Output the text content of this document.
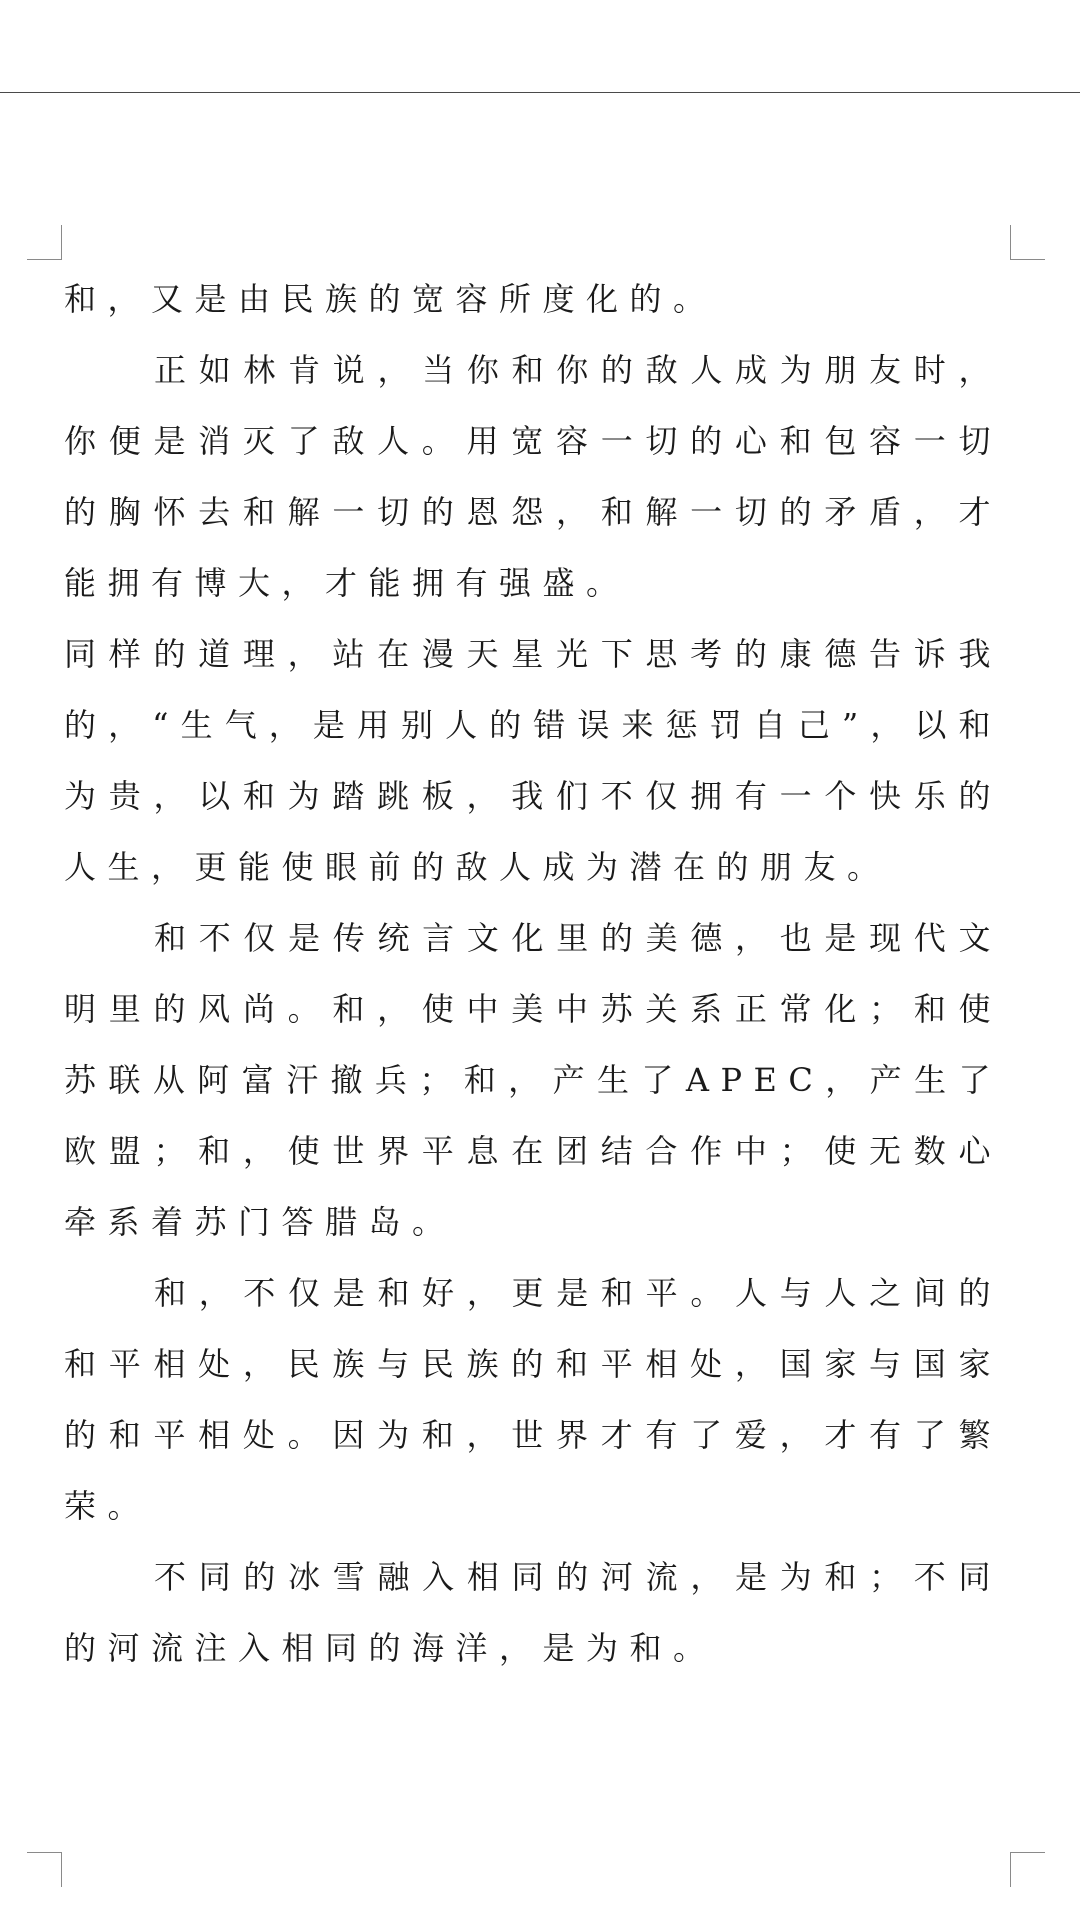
和，又是由民族的宽容所度化的。

正如林肯说，当你和你的敌人成为朋友时，你便是消灭了敌人。用宽容一切的心和包容一切的胸怀去和解一切的恩怨，和解一切的矛盾，才能拥有博大，才能拥有强盛。

同样的道理，站在漫天星光下思考的康德告诉我的，“生气，是用别人的错误来惩罚自己”，以和为贵，以和为踏跳板，我们不仅拥有一个快乐的人生，更能使眼前的敌人成为潜在的朋友。

和不仅是传统言文化里的美德，也是现代文明里的风尚。和，使中美中苏关系正常化；和使苏联从阿富汗撤兵；和，产生了APEC，产生了欧盟；和，使世界平息在团结合作中；使无数心牵系着苏门答腊岛。

和，不仅是和好，更是和平。人与人之间的和平相处，民族与民族的和平相处，国家与国家的和平相处。因为和，世界才有了爱，才有了繁荣。

不同的冰雪融入相同的河流，是为和；不同的河流注入相同的海洋，是为和。
